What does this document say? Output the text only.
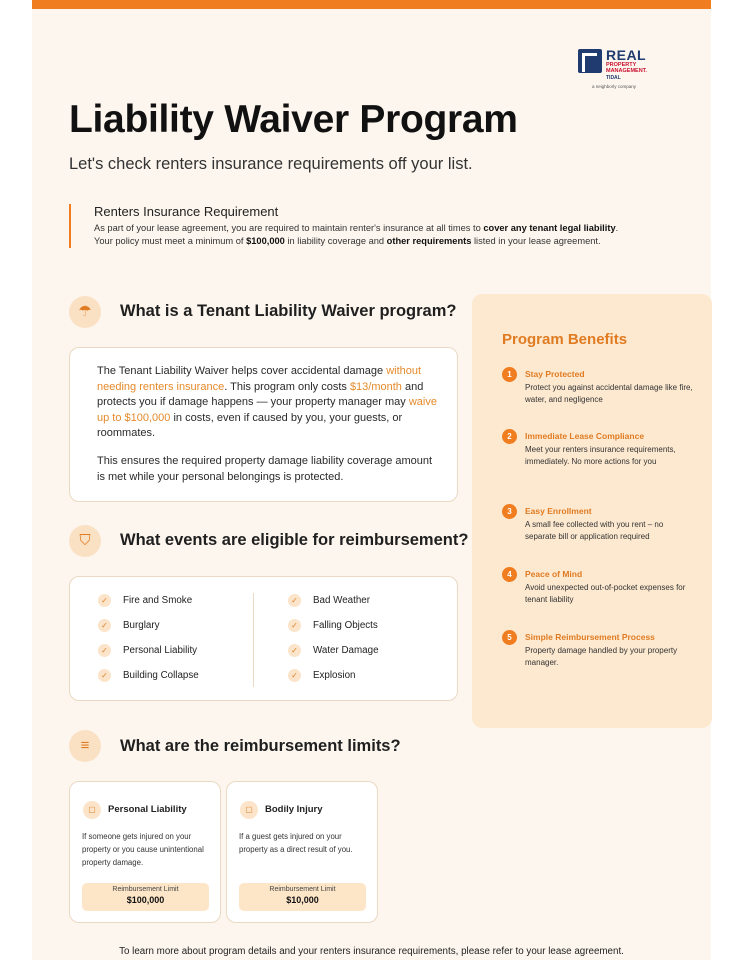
REAL
PROPERTY MANAGEMENT.
TIDAL
a neighborly company
Liability Waiver Program
Let's check renters insurance requirements off your list.
Renters Insurance Requirement
As part of your lease agreement, you are required to maintain renter's insurance at all times to cover any tenant legal liability. Your policy must meet a minimum of $100,000 in liability coverage and other requirements listed in your lease agreement.
☂	What is a Tenant Liability Waiver program?
The Tenant Liability Waiver helps cover accidental damage without needing renters insurance. This program only costs $13/month and protects you if damage happens — your property manager may waive up to $100,000 in costs, even if caused by you, your guests, or roommates.
This ensures the required property damage liability coverage amount is met while your personal belongings is protected.
⛉	What events are eligible for reimbursement?
✓	Fire and Smoke
✓	Burglary
✓	Personal Liability
✓	Building Collapse
✓	Bad Weather
✓	Falling Objects
✓	Water Damage
✓	Explosion
≡	What are the reimbursement limits?
▢	Personal Liability
If someone gets injured on your property or you cause unintentional property damage.
Reimbursement Limit
$100,000
▢	Bodily Injury
If a guest gets injured on your property as a direct result of you.
Reimbursement Limit
$10,000
Program Benefits
1	Stay Protected
Protect you against accidental damage like fire, water, and negligence
2	Immediate Lease Compliance
Meet your renters insurance requirements, immediately. No more actions for you
3	Easy Enrollment
A small fee collected with you rent – no separate bill or application required
4	Peace of Mind
Avoid unexpected out-of-pocket expenses for tenant liability
5	Simple Reimbursement Process
Property damage handled by your property manager.
To learn more about program details and your renters insurance requirements, please refer to your lease agreement.
